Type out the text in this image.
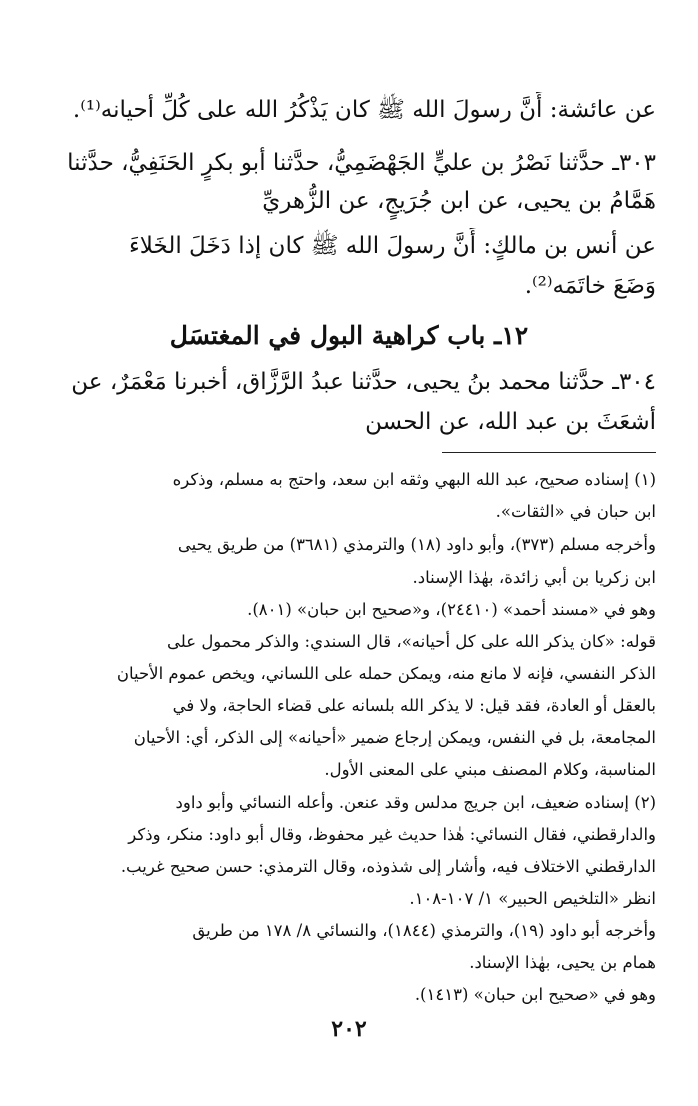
عن عائشة: أَنَّ رسولَ الله ﷺ كان يَذْكُرُ الله على كُلِّ أحيانه⁽¹⁾.
٣٠٣ـ حدَّثنا نَصْرُ بن عليٍّ الجَهْضَمِيُّ، حدَّثنا أبو بكرٍ الحَنَفِيُّ، حدَّثنا
هَمَّامُ بن يحيى، عن ابن جُرَيجٍ، عن الزُّهريِّ
عن أنس بن مالكٍ: أَنَّ رسولَ الله ﷺ كان إذا دَخَلَ الخَلاءَ
وَضَعَ خاتَمَه⁽²⁾.
١٢ـ باب كراهية البول في المغتسَل
٣٠٤ـ حدَّثنا محمد بنُ يحيى، حدَّثنا عبدُ الرَّزَّاق، أخبرنا مَعْمَرٌ، عن
أشعَثَ بن عبد الله، عن الحسن
(١) إسناده صحيح، عبد الله البهي وثقه ابن سعد، واحتج به مسلم، وذكره
ابن حبان في «الثقات».
وأخرجه مسلم (٣٧٣)، وأبو داود (١٨) والترمذي (٣٦٨١) من طريق يحيى
ابن زكريا بن أبي زائدة، بهٰذا الإسناد.
وهو في «مسند أحمد» (٢٤٤١٠)، و«صحيح ابن حبان» (٨٠١).
قوله: «كان يذكر الله على كل أحيانه»، قال السندي: والذكر محمول على
الذكر النفسي، فإنه لا مانع منه، ويمكن حمله على اللساني، ويخص عموم الأحيان
بالعقل أو العادة، فقد قيل: لا يذكر الله بلسانه على قضاء الحاجة، ولا في
المجامعة، بل في النفس، ويمكن إرجاع ضمير «أحيانه» إلى الذكر، أي: الأحيان
المناسبة، وكلام المصنف مبني على المعنى الأول.
(٢) إسناده ضعيف، ابن جريج مدلس وقد عنعن. وأعله النسائي وأبو داود
والدارقطني، فقال النسائي: هٰذا حديث غير محفوظ، وقال أبو داود: منكر، وذكر
الدارقطني الاختلاف فيه، وأشار إلى شذوذه، وقال الترمذي: حسن صحيح غريب.
انظر «التلخيص الحبير» ١/ ١٠٧-١٠٨.
وأخرجه أبو داود (١٩)، والترمذي (١٨٤٤)، والنسائي ٨/ ١٧٨ من طريق
همام بن يحيى، بهٰذا الإسناد.
وهو في «صحيح ابن حبان» (١٤١٣).
٢٠٢
